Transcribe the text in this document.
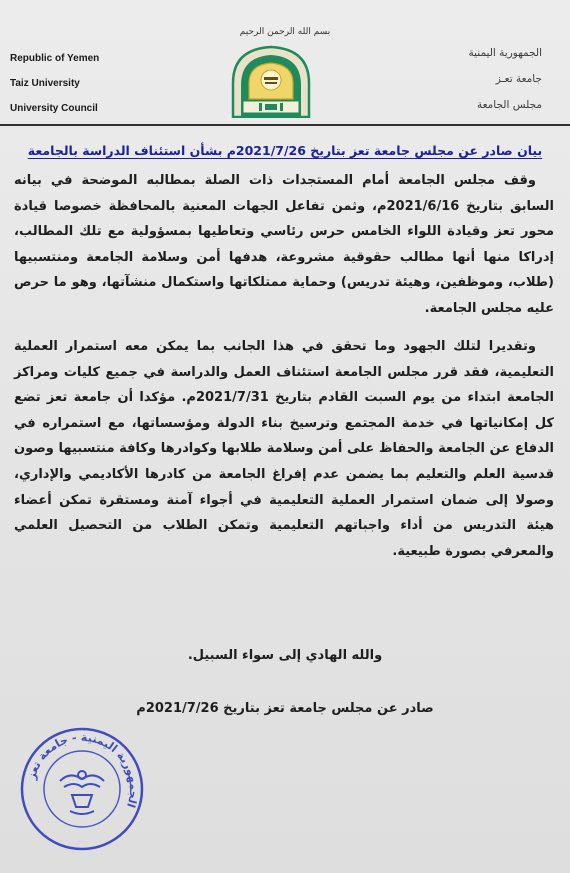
بسم الله الرحمن الرحيم
Republic of Yemen
Taiz University
University Council
الجمهورية اليمنية
جامعة تعـز
مجلس الجامعة
بيان صادر عن مجلس جامعة تعز بتاريخ 2021/7/26م بشأن استئناف الدراسة بالجامعة

وقف مجلس الجامعة أمام المستجدات ذات الصلة بمطالبه الموضحة في بيانه السابق بتاريخ 2021/6/16م، وثمن تفاعل الجهات المعنية بالمحافظة خصوصا قيادة محور تعز وقيادة اللواء الخامس حرس رئاسي وتعاطيها بمسؤولية مع تلك المطالب، إدراكا منها أنها مطالب حقوقية مشروعة، هدفها أمن وسلامة الجامعة ومنتسبيها (طلاب، وموظفين، وهيئة تدريس) وحماية ممتلكاتها واستكمال منشآتها، وهو ما حرص عليه مجلس الجامعة.

وتقديرا لتلك الجهود وما تحقق في هذا الجانب بما يمكن معه استمرار العملية التعليمية، فقد قرر مجلس الجامعة استئناف العمل والدراسة في جميع كليات ومراكز الجامعة ابتداء من يوم السبت القادم بتاريخ 2021/7/31م. مؤكدا أن جامعة تعز تضع كل إمكانياتها في خدمة المجتمع وترسيخ بناء الدولة ومؤسساتها، مع استمراره في الدفاع عن الجامعة والحفاظ على أمن وسلامة طلابها وكوادرها وكافة منتسبيها وصون قدسية العلم والتعليم بما يضمن عدم إفراغ الجامعة من كادرها الأكاديمي والإداري، وصولا إلى ضمان استمرار العملية التعليمية في أجواء آمنة ومستقرة تمكن أعضاء هيئة التدريس من أداء واجباتهم التعليمية وتمكن الطلاب من التحصيل العلمي والمعرفي بصورة طبيعية.

والله الهادي إلى سواء السبيل.
صادر عن مجلس جامعة تعز بتاريخ 2021/7/26م
الجمهورية اليمنية - جامعة تعز
